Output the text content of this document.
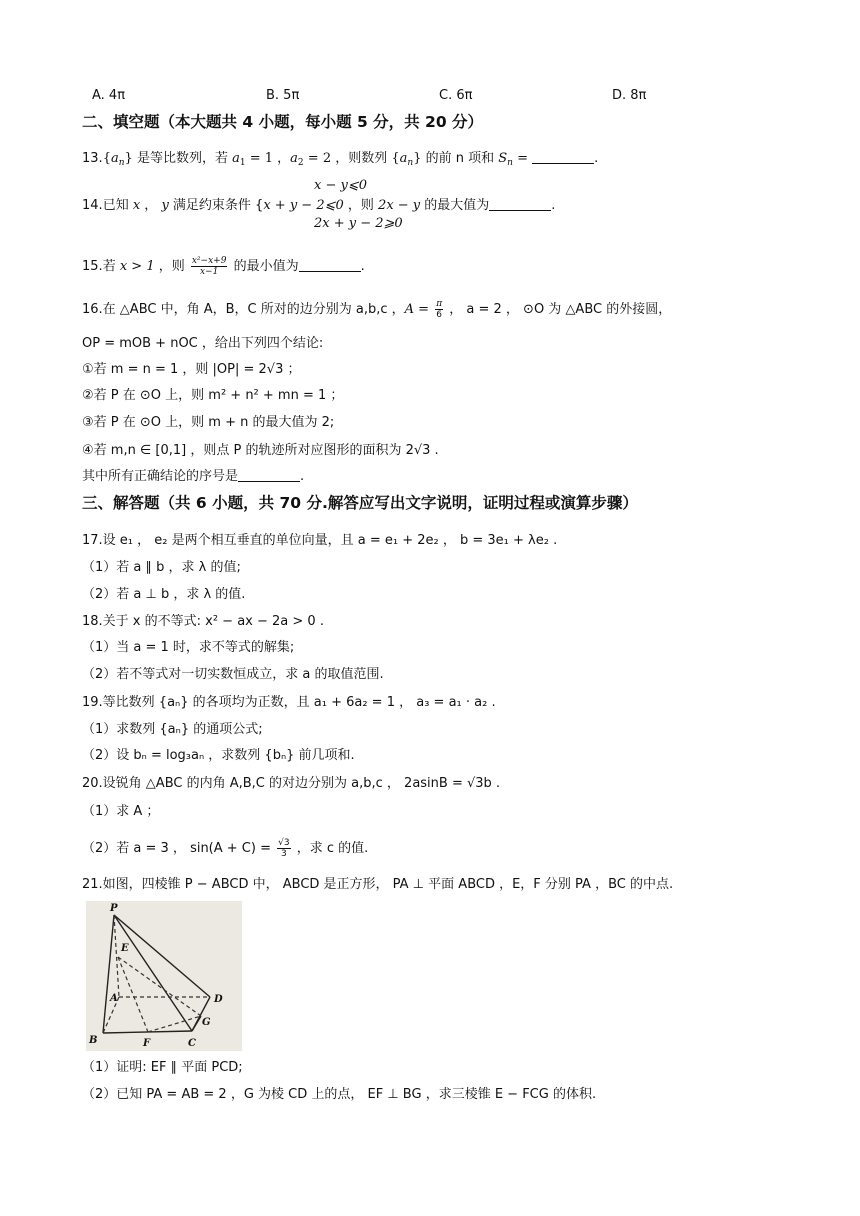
A. 4π	B. 5π	C. 6π	D. 8π
二、填空题（本大题共 4 小题，每小题 5 分，共 20 分）
$13.\{a_n\}$ 是等比数列，若 $a_1 = 1$ ，$a_2 = 2$ ，则数列 $\{a_n\}$ 的前 n 项和 $S_n$ =	.
x − y⩽0
14.已知 x ， y 满足约束条件 {x + y − 2⩽0 ，则 2x − y 的最大值为	.
2x + y − 2⩾0
15.若 x > 1 ，则 $\frac{\text{x²−x+9}}{x-1}$ 的最小值为	.
16.在 △ABC 中，角 A，B，C 所对的边分别为 a,b,c ，$A = \frac{\pi}{6}$ ， a = 2 ， ⊙O 为 △ABC 的外接圆，
OP = mOB + nOC ，给出下列四个结论:
①若 m = n = 1 ，则 |OP| = 2√3 ；
②若 P 在 ⊙O 上，则 m² + n² + mn = 1 ；
③若 P 在 ⊙O 上，则 m + n 的最大值为 2;
④若 m,n ∈ [0,1] ，则点 P 的轨迹所对应图形的面积为 2√3 .
其中所有正确结论的序号是	.
三、解答题（共 6 小题，共 70 分.解答应写出文字说明，证明过程或演算步骤）
17.设 e₁ ， e₂ 是两个相互垂直的单位向量，且 a = e₁ + 2e₂ ， b = 3e₁ + λe₂ .
（1）若 a ∥ b ，求 λ 的值;
（2）若 a ⊥ b ，求 λ 的值.
18.关于 x 的不等式: x² − ax − 2a > 0 .
（1）当 a = 1 时，求不等式的解集;
（2）若不等式对一切实数恒成立，求 a 的取值范围.
19.等比数列 {aₙ} 的各项均为正数，且 a₁ + 6a₂ = 1 ， a₃ = a₁ · a₂ .
（1）求数列 {aₙ} 的通项公式;
（2）设 bₙ = log₃aₙ ，求数列 {bₙ} 前几项和.
20.设锐角 △ABC 的内角 A,B,C 的对边分别为 a,b,c ， 2asinB = √3b .
（1）求 A ；
（2）若 a = 3 ， $\sin(A + C) = \frac{√3}{3}$ ，求 c 的值.
21.如图，四棱锥 P − ABCD 中， ABCD 是正方形， PA ⊥ 平面 ABCD ，E，F 分别 PA ，BC 的中点.
P
E
A	D
G
B	F	C
（1）证明: EF ∥ 平面 PCD;
（2）已知 PA = AB = 2 ，G 为棱 CD 上的点， EF ⊥ BG ，求三棱锥 E − FCG 的体积.
